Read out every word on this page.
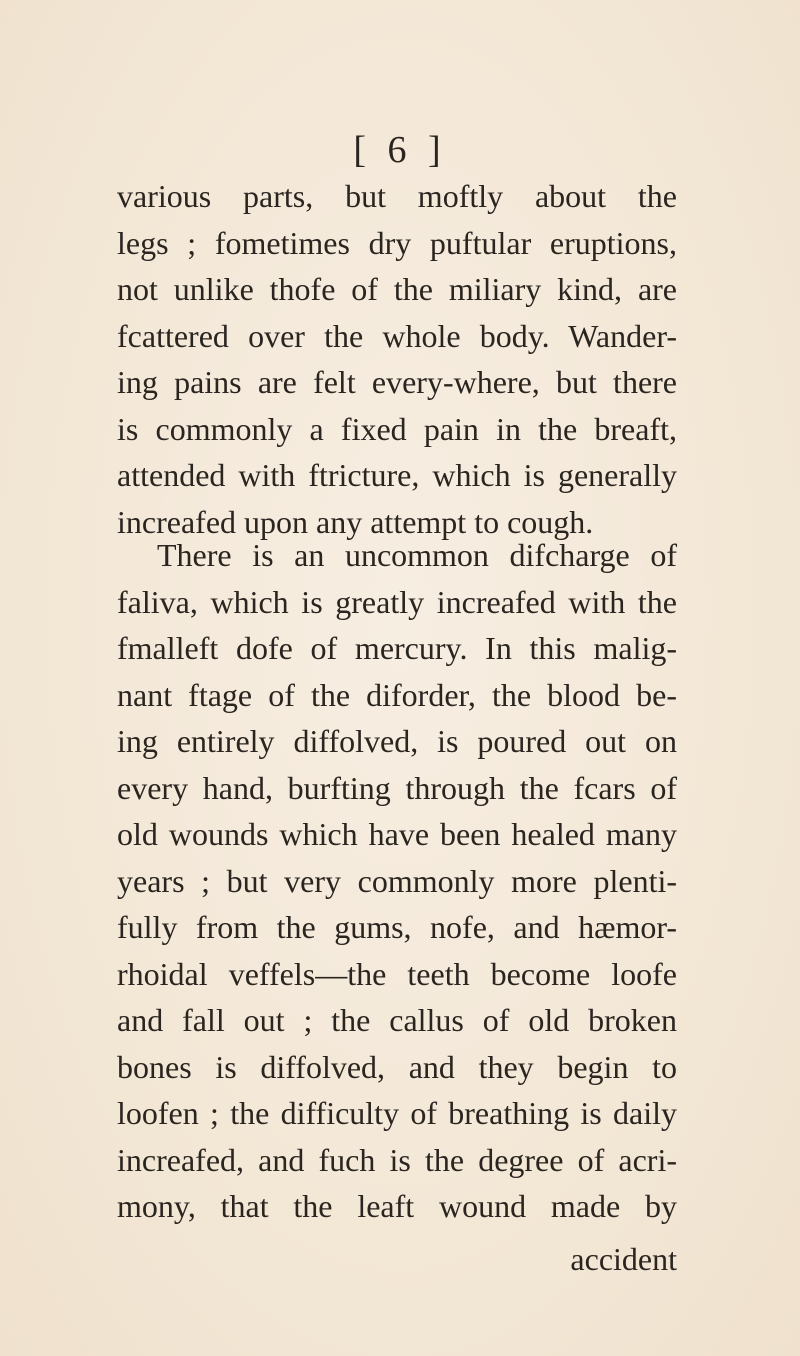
[ 6 ]
various parts, but moftly about the
legs ; fometimes dry puftular eruptions,
not unlike thofe of the miliary kind, are
fcattered over the whole body. Wander-
ing pains are felt every-where, but there
is commonly a fixed pain in the breaft,
attended with ftricture, which is generally
increafed upon any attempt to cough.
There is an uncommon difcharge of
faliva, which is greatly increafed with the
fmalleft dofe of mercury. In this malig-
nant ftage of the diforder, the blood be-
ing entirely diffolved, is poured out on
every hand, burfting through the fcars of
old wounds which have been healed many
years ; but very commonly more plenti-
fully from the gums, nofe, and hæmor-
rhoidal veffels—the teeth become loofe
and fall out ; the callus of old broken
bones is diffolved, and they begin to
loofen ; the difficulty of breathing is daily
increafed, and fuch is the degree of acri-
mony, that the leaft wound made by
accident
